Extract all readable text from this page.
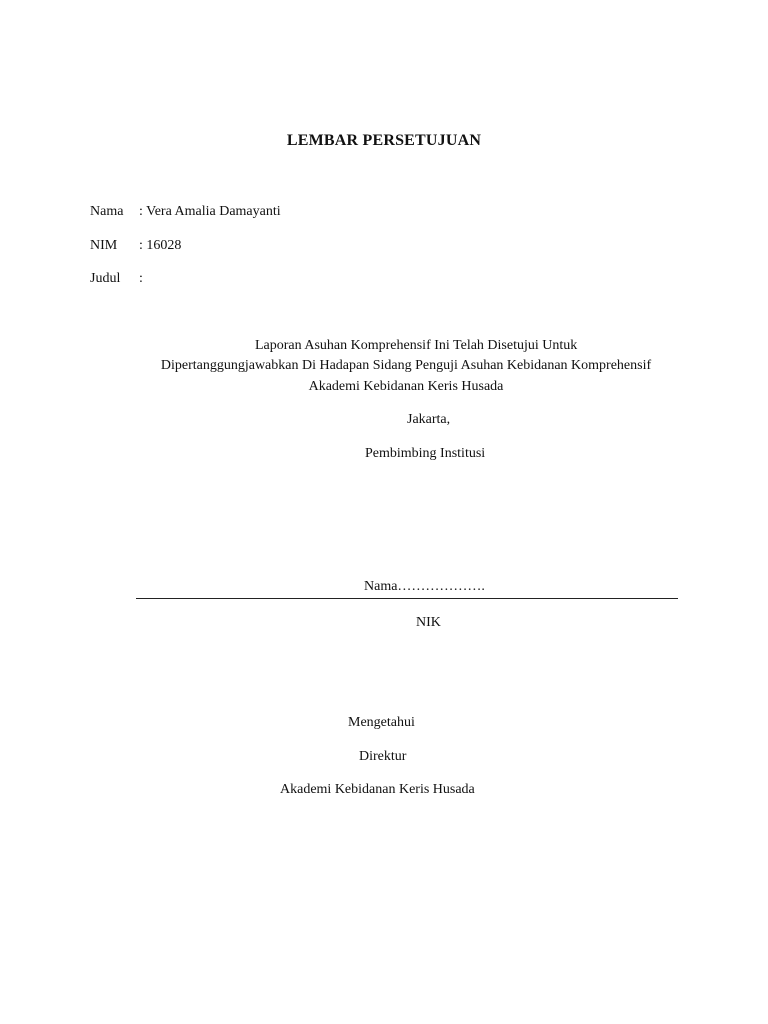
LEMBAR PERSETUJUAN
Nama : Vera Amalia Damayanti
NIM : 16028
Judul :
Laporan Asuhan Komprehensif Ini Telah Disetujui Untuk
Dipertanggungjawabkan Di Hadapan Sidang Penguji Asuhan Kebidanan Komprehensif
Akademi Kebidanan Keris Husada
Jakarta,
Pembimbing Institusi
Nama……………….
NIK
Mengetahui
Direktur
Akademi Kebidanan Keris Husada
